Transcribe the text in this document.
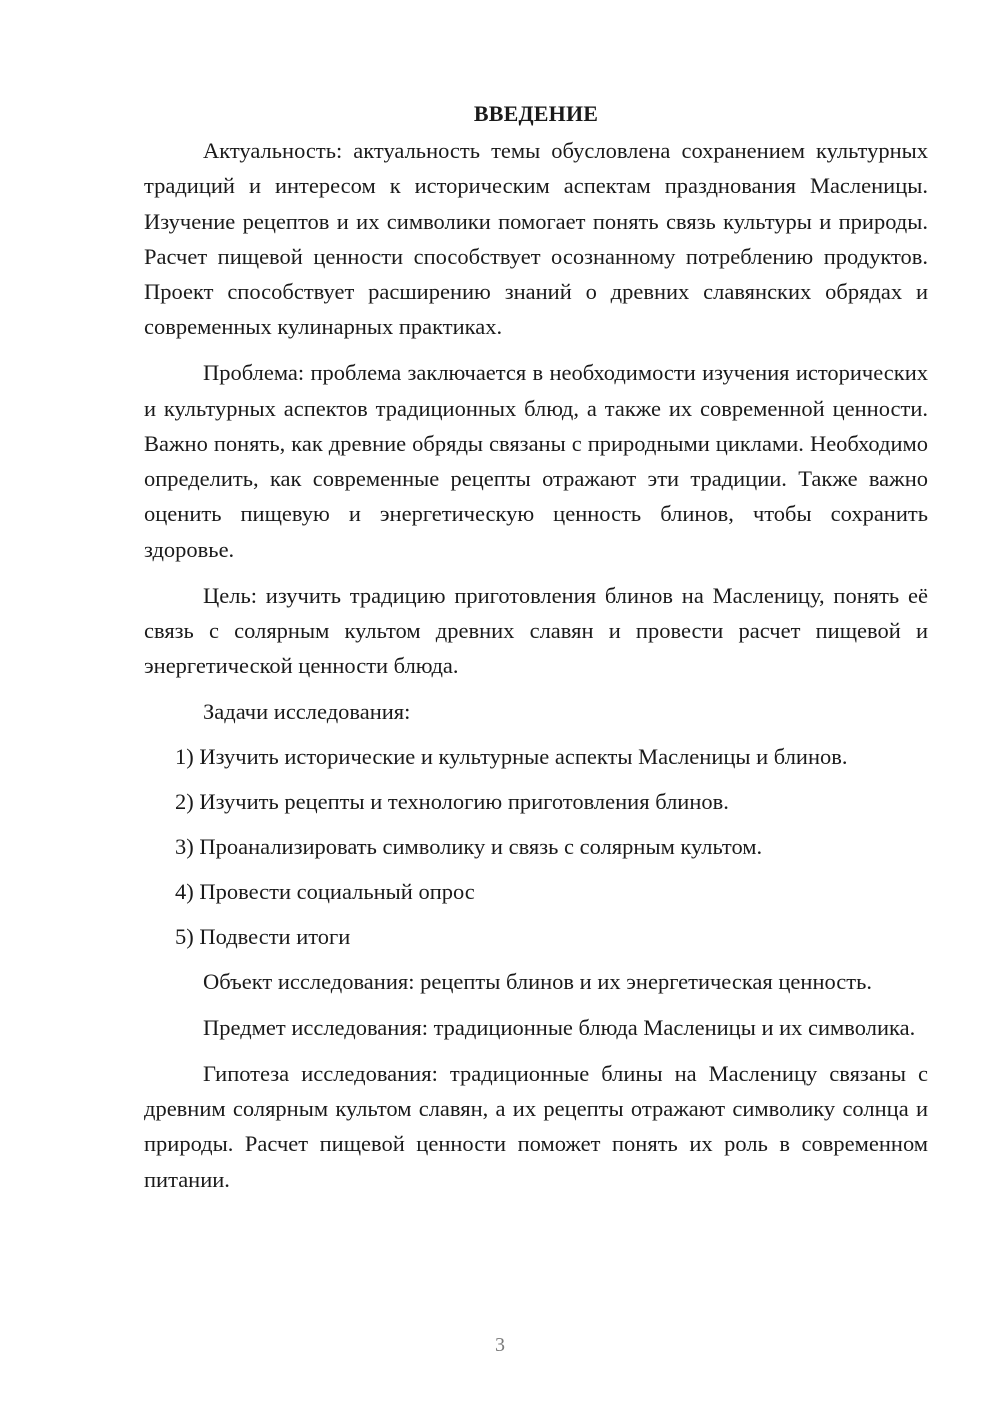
ВВЕДЕНИЕ

Актуальность: актуальность темы обусловлена сохранением культурных традиций и интересом к историческим аспектам празднования Масленицы. Изучение рецептов и их символики помогает понять связь культуры и природы. Расчет пищевой ценности способствует осознанному потреблению продуктов. Проект способствует расширению знаний о древних славянских обрядах и современных кулинарных практиках.

Проблема: проблема заключается в необходимости изучения исторических и культурных аспектов традиционных блюд, а также их современной ценности. Важно понять, как древние обряды связаны с природными циклами. Необходимо определить, как современные рецепты отражают эти традиции. Также важно оценить пищевую и энергетическую ценность блинов, чтобы сохранить здоровье.

Цель: изучить традицию приготовления блинов на Масленицу, понять её связь с солярным культом древних славян и провести расчет пищевой и энергетической ценности блюда.

Задачи исследования:
1) Изучить исторические и культурные аспекты Масленицы и блинов.
2) Изучить рецепты и технологию приготовления блинов.
3) Проанализировать символику и связь с солярным культом.
4) Провести социальный опрос
5) Подвести итоги

Объект исследования: рецепты блинов и их энергетическая ценность.

Предмет исследования: традиционные блюда Масленицы и их символика.

Гипотеза исследования: традиционные блины на Масленицу связаны с древним солярным культом славян, а их рецепты отражают символику солнца и природы. Расчет пищевой ценности поможет понять их роль в современном питании.

3
